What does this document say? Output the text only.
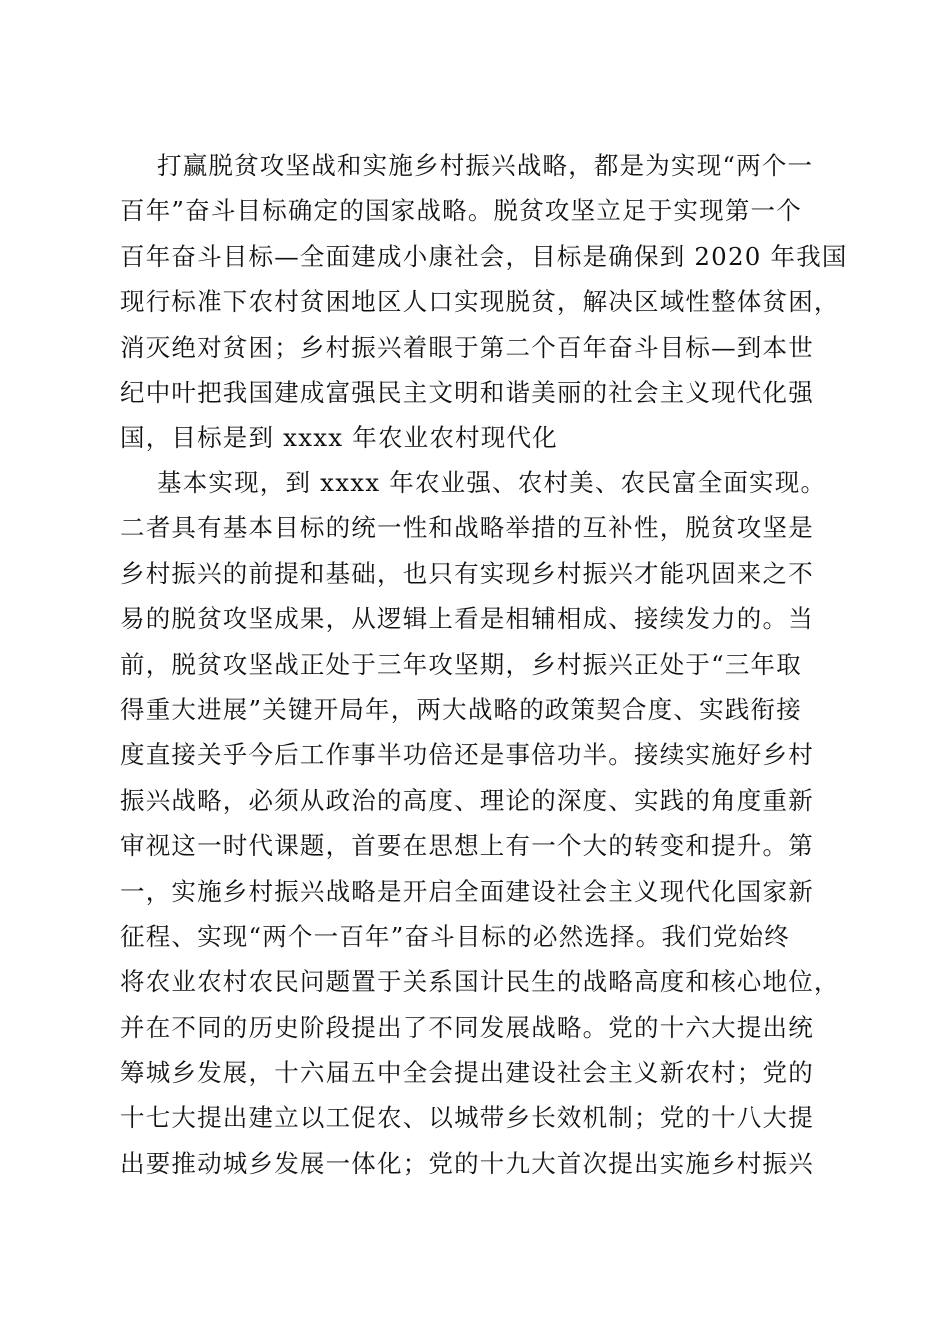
打赢脱贫攻坚战和实施乡村振兴战略，都是为实现“两个一
百年”奋斗目标确定的国家战略。脱贫攻坚立足于实现第一个
百年奋斗目标—全面建成小康社会，目标是确保到 2020 年我国
现行标准下农村贫困地区人口实现脱贫，解决区域性整体贫困，
消灭绝对贫困；乡村振兴着眼于第二个百年奋斗目标—到本世
纪中叶把我国建成富强民主文明和谐美丽的社会主义现代化强
国，目标是到 xxxx 年农业农村现代化
基本实现，到 xxxx 年农业强、农村美、农民富全面实现。
二者具有基本目标的统一性和战略举措的互补性，脱贫攻坚是
乡村振兴的前提和基础，也只有实现乡村振兴才能巩固来之不
易的脱贫攻坚成果，从逻辑上看是相辅相成、接续发力的。当
前，脱贫攻坚战正处于三年攻坚期，乡村振兴正处于“三年取
得重大进展”关键开局年，两大战略的政策契合度、实践衔接
度直接关乎今后工作事半功倍还是事倍功半。接续实施好乡村
振兴战略，必须从政治的高度、理论的深度、实践的角度重新
审视这一时代课题，首要在思想上有一个大的转变和提升。第
一，实施乡村振兴战略是开启全面建设社会主义现代化国家新
征程、实现“两个一百年”奋斗目标的必然选择。我们党始终
将农业农村农民问题置于关系国计民生的战略高度和核心地位，
并在不同的历史阶段提出了不同发展战略。党的十六大提出统
筹城乡发展，十六届五中全会提出建设社会主义新农村；党的
十七大提出建立以工促农、以城带乡长效机制；党的十八大提
出要推动城乡发展一体化；党的十九大首次提出实施乡村振兴
